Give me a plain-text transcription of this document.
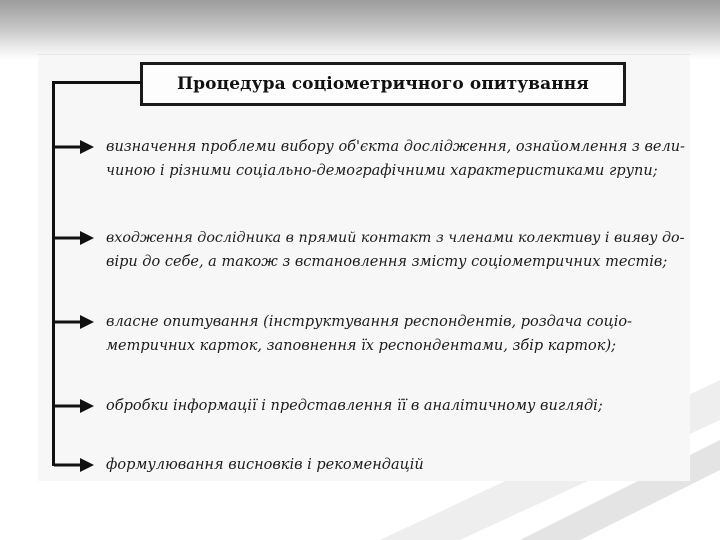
Процедура соціометричного опитування
визначення проблеми вибору об'єкта дослідження, ознайомлення з вели-
чиною і різними соціально-демографічними характеристиками групи;
входження дослідника в прямий контакт з членами колективу і вияву до-
віри до себе, а також з встановлення змісту соціометричних тестів;
власне опитування (інструктування респондентів, роздача соціо-
метричних карток, заповнення їх респондентами, збір карток);
обробки інформації і представлення її в аналітичному вигляді;
формулювання висновків і рекомендацій
